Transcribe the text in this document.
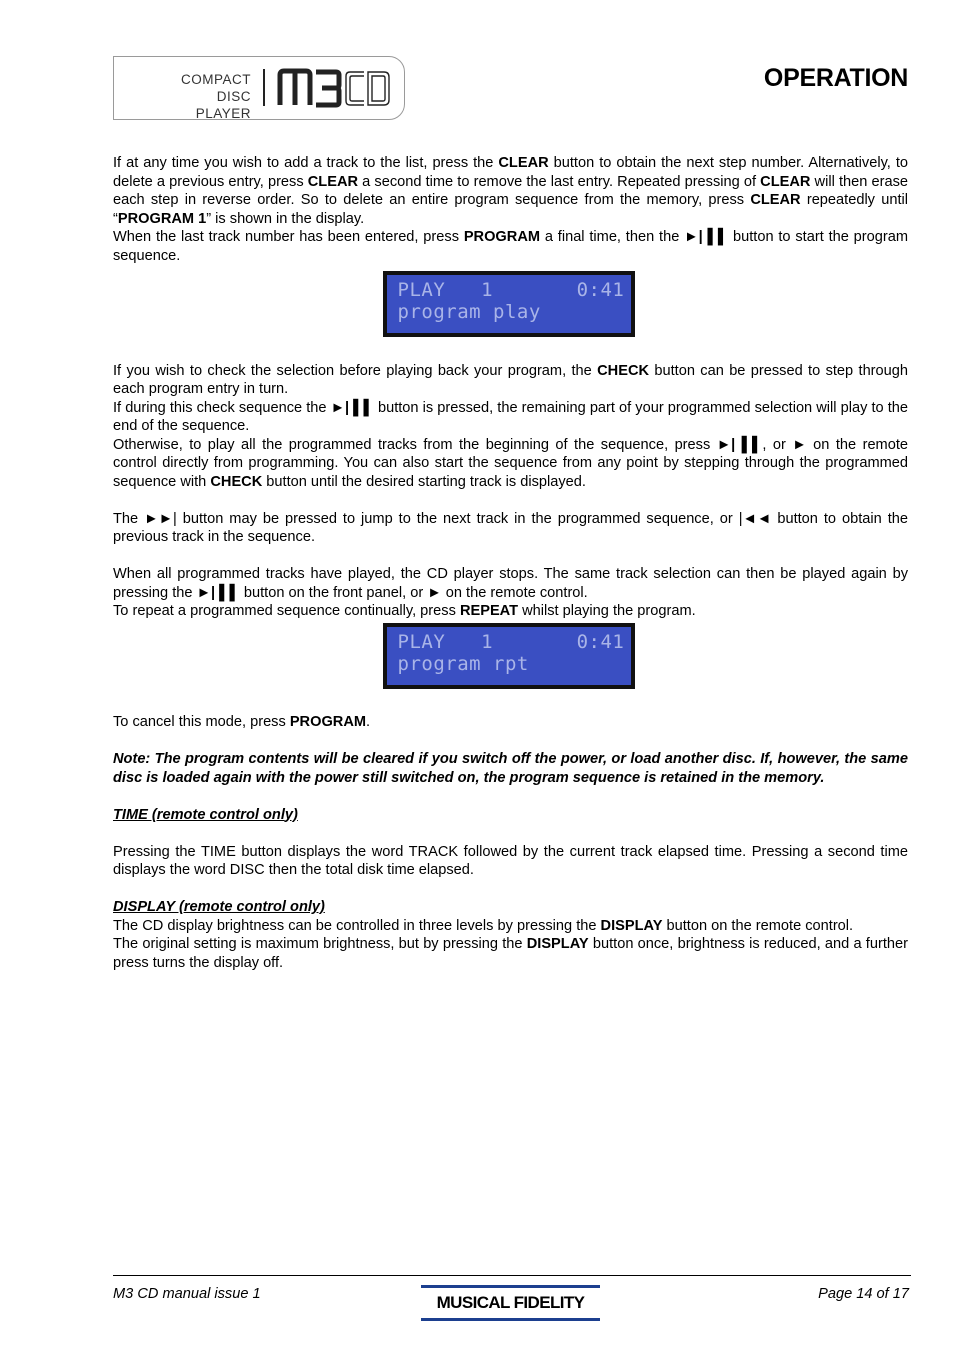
COMPACT
DISC PLAYER
OPERATION

If at any time you wish to add a track to the list, press the CLEAR button to obtain the next step number. Alternatively, to delete a previous entry, press CLEAR a second time to remove the last entry. Repeated pressing of CLEAR will then erase each step in reverse order. So to delete an entire program sequence from the memory, press CLEAR repeatedly until “PROGRAM 1” is shown in the display.

When the last track number has been entered, press PROGRAM a final time, then the ►| ▌▌ button to start the program sequence.

PLAY   1       0:41
program play

If you wish to check the selection before playing back your program, the CHECK button can be pressed to step through each program entry in turn.

If during this check sequence the ►| ▌▌ button is pressed, the remaining part of your programmed selection will play to the end of the sequence.

Otherwise, to play all the programmed tracks from the beginning of the sequence, press ►| ▌▌, or ► on the remote control directly from programming. You can also start the sequence from any point by stepping through the programmed sequence with CHECK button until the desired starting track is displayed.

The ►►| button may be pressed to jump to the next track in the programmed sequence, or |◄◄ button to obtain the previous track in the sequence.

When all programmed tracks have played, the CD player stops. The same track selection can then be played again by pressing the ►| ▌▌ button on the front panel, or ► on the remote control.

To repeat a programmed sequence continually, press REPEAT whilst playing the program.

PLAY   1       0:41
program rpt

To cancel this mode, press PROGRAM.

Note: The program contents will be cleared if you switch off the power, or load another disc. If, however, the same disc is loaded again with the power still switched on, the program sequence is retained in the memory.

TIME (remote control only)

Pressing the TIME button displays the word TRACK followed by the current track elapsed time. Pressing a second time displays the word DISC then the total disk time elapsed.

DISPLAY (remote control only)

The CD display brightness can be controlled in three levels by pressing the DISPLAY button on the remote control.

The original setting is maximum brightness, but by pressing the DISPLAY button once, brightness is reduced, and a further press turns the display off.

M3 CD manual issue 1	MUSICAL FIDELITY	Page 14 of 17
